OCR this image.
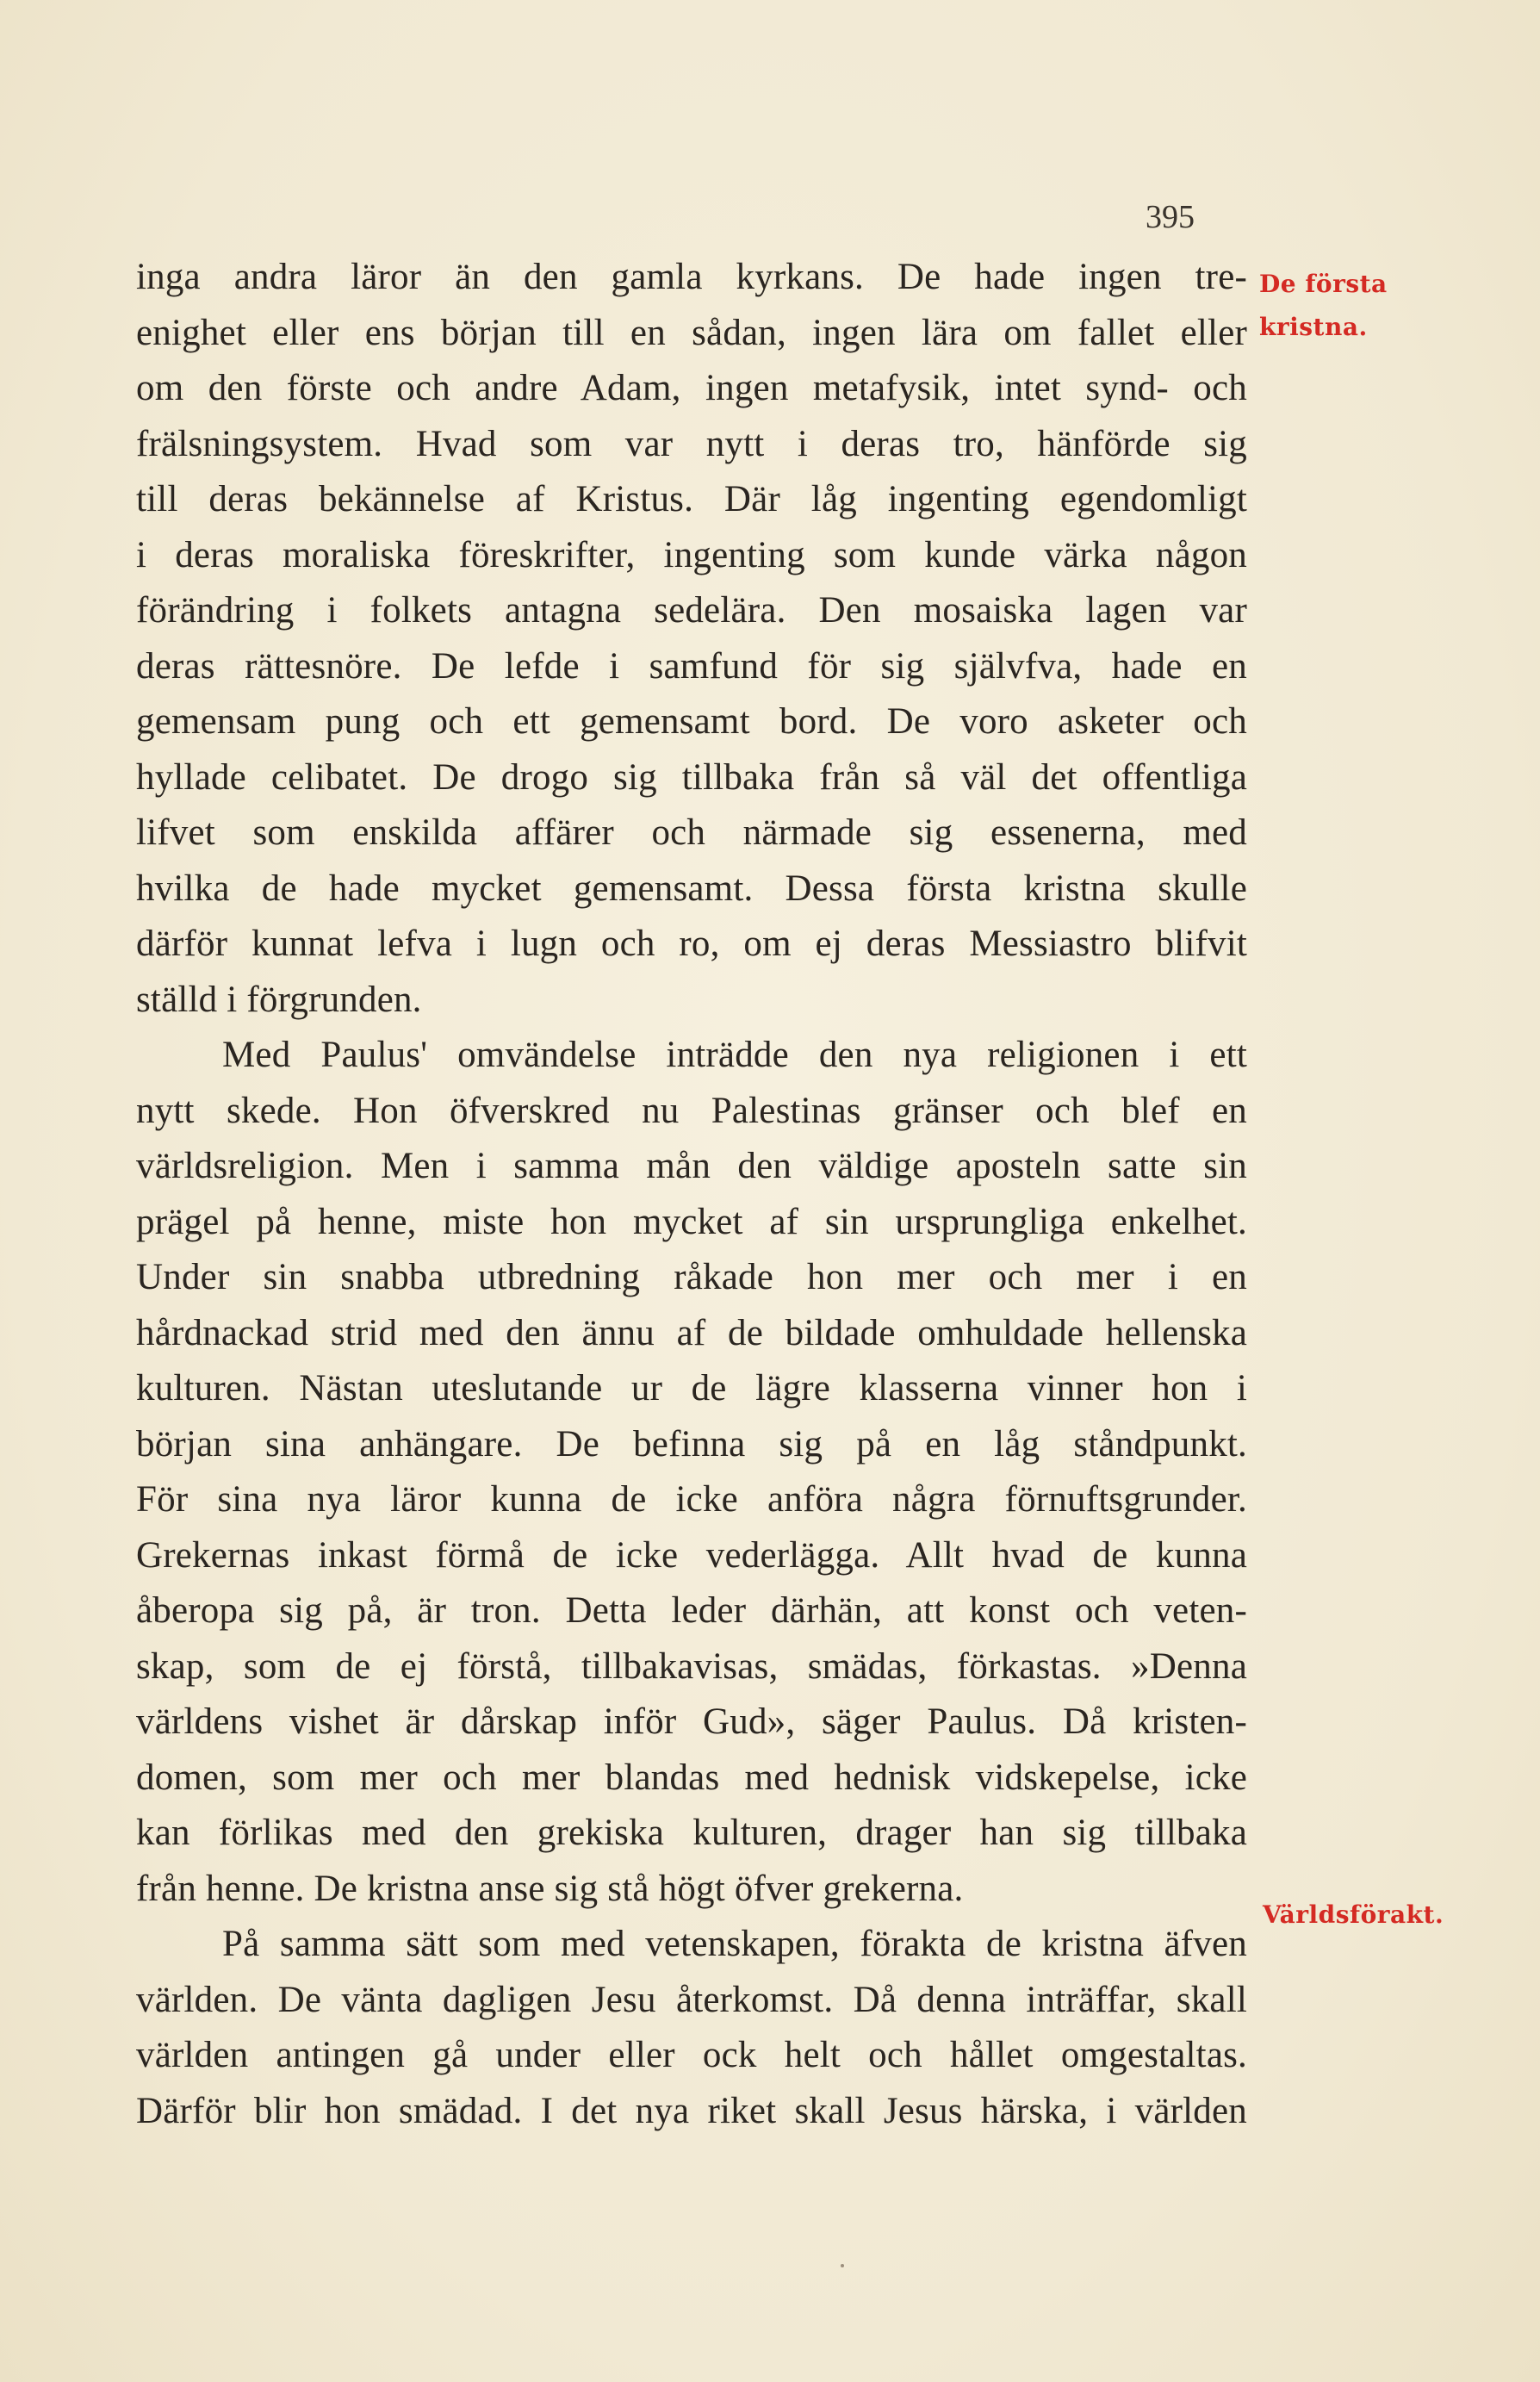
395
De första
kristna.
Världsförakt.
inga andra läror än den gamla kyrkans. De hade ingen tre-
enighet eller ens början till en sådan, ingen lära om fallet eller
om den förste och andre Adam, ingen metafysik, intet synd- och
frälsningsystem. Hvad som var nytt i deras tro, hänförde sig
till deras bekännelse af Kristus. Där låg ingenting egendomligt
i deras moraliska föreskrifter, ingenting som kunde värka någon
förändring i folkets antagna sedelära. Den mosaiska lagen var
deras rättesnöre. De lefde i samfund för sig självfva, hade en
gemensam pung och ett gemensamt bord. De voro asketer och
hyllade celibatet. De drogo sig tillbaka från så väl det offentliga
lifvet som enskilda affärer och närmade sig essenerna, med
hvilka de hade mycket gemensamt. Dessa första kristna skulle
därför kunnat lefva i lugn och ro, om ej deras Messiastro blifvit
ställd i förgrunden.
Med Paulus' omvändelse inträdde den nya religionen i ett
nytt skede. Hon öfverskred nu Palestinas gränser och blef en
världsreligion. Men i samma mån den väldige aposteln satte sin
prägel på henne, miste hon mycket af sin ursprungliga enkelhet.
Under sin snabba utbredning råkade hon mer och mer i en
hårdnackad strid med den ännu af de bildade omhuldade hellenska
kulturen. Nästan uteslutande ur de lägre klasserna vinner hon i
början sina anhängare. De befinna sig på en låg ståndpunkt.
För sina nya läror kunna de icke anföra några förnuftsgrunder.
Grekernas inkast förmå de icke vederlägga. Allt hvad de kunna
åberopa sig på, är tron. Detta leder därhän, att konst och veten-
skap, som de ej förstå, tillbakavisas, smädas, förkastas. »Denna
världens vishet är dårskap inför Gud», säger Paulus. Då kristen-
domen, som mer och mer blandas med hednisk vidskepelse, icke
kan förlikas med den grekiska kulturen, drager han sig tillbaka
från henne. De kristna anse sig stå högt öfver grekerna.
På samma sätt som med vetenskapen, förakta de kristna äfven
världen. De vänta dagligen Jesu återkomst. Då denna inträffar, skall
världen antingen gå under eller ock helt och hållet omgestaltas.
Därför blir hon smädad. I det nya riket skall Jesus härska, i världen
